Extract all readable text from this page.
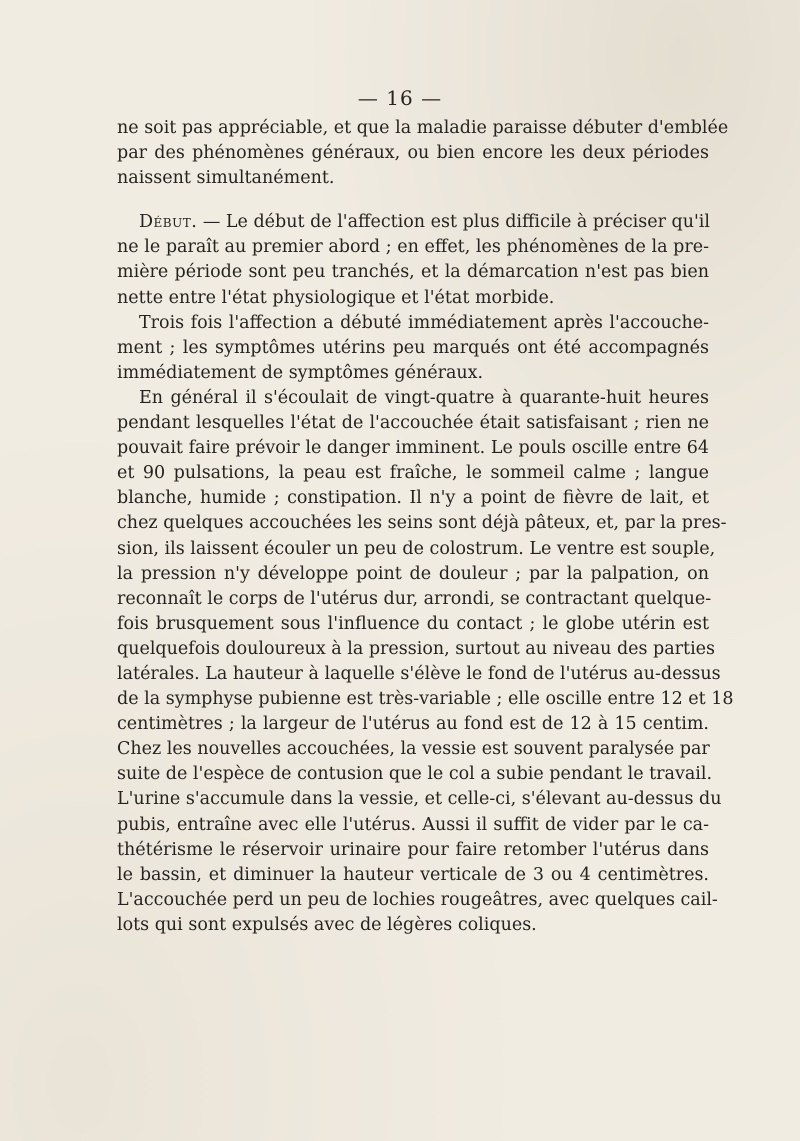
— 16 —
ne soit pas appréciable, et que la maladie paraisse débuter d'emblée
par des phénomènes généraux, ou bien encore les deux périodes
naissent simultanément.
Début. — Le début de l'affection est plus difficile à préciser qu'il
ne le paraît au premier abord ; en effet, les phénomènes de la pre-
mière période sont peu tranchés, et la démarcation n'est pas bien
nette entre l'état physiologique et l'état morbide.
Trois fois l'affection a débuté immédiatement après l'accouche-
ment ; les symptômes utérins peu marqués ont été accompagnés
immédiatement de symptômes généraux.
En général il s'écoulait de vingt-quatre à quarante-huit heures
pendant lesquelles l'état de l'accouchée était satisfaisant ; rien ne
pouvait faire prévoir le danger imminent. Le pouls oscille entre 64
et 90 pulsations, la peau est fraîche, le sommeil calme ; langue
blanche, humide ; constipation. Il n'y a point de fièvre de lait, et
chez quelques accouchées les seins sont déjà pâteux, et, par la pres-
sion, ils laissent écouler un peu de colostrum. Le ventre est souple,
la pression n'y développe point de douleur ; par la palpation, on
reconnaît le corps de l'utérus dur, arrondi, se contractant quelque-
fois brusquement sous l'influence du contact ; le globe utérin est
quelquefois douloureux à la pression, surtout au niveau des parties
latérales. La hauteur à laquelle s'élève le fond de l'utérus au-dessus
de la symphyse pubienne est très-variable ; elle oscille entre 12 et 18
centimètres ; la largeur de l'utérus au fond est de 12 à 15 centim.
Chez les nouvelles accouchées, la vessie est souvent paralysée par
suite de l'espèce de contusion que le col a subie pendant le travail.
L'urine s'accumule dans la vessie, et celle-ci, s'élevant au-dessus du
pubis, entraîne avec elle l'utérus. Aussi il suffit de vider par le ca-
thétérisme le réservoir urinaire pour faire retomber l'utérus dans
le bassin, et diminuer la hauteur verticale de 3 ou 4 centimètres.
L'accouchée perd un peu de lochies rougeâtres, avec quelques cail-
lots qui sont expulsés avec de légères coliques.
